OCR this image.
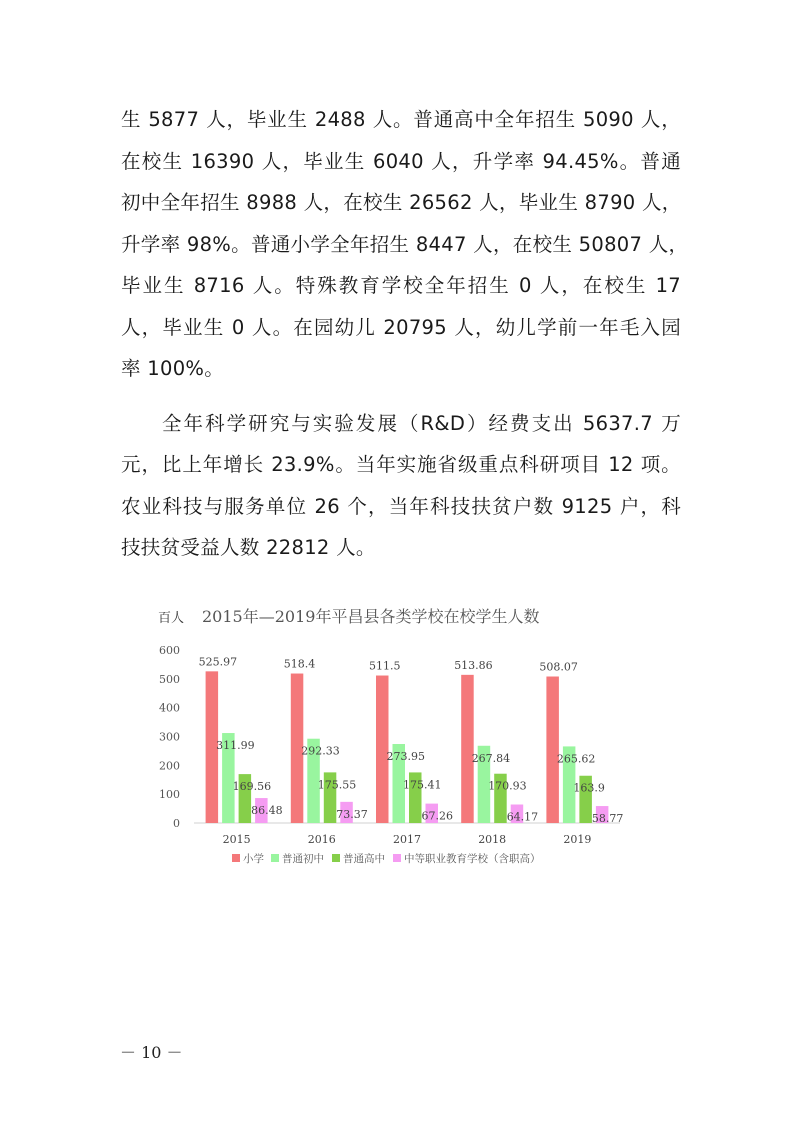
生 5877 人，毕业生 2488 人。普通高中全年招生 5090 人，
在校生 16390 人，毕业生 6040 人，升学率 94.45%。普通
初中全年招生 8988 人，在校生 26562 人，毕业生 8790 人，
升学率 98%。普通小学全年招生 8447 人，在校生 50807 人，
毕业生 8716 人。特殊教育学校全年招生 0 人，在校生 17
人，毕业生 0 人。在园幼儿 20795 人，幼儿学前一年毛入园
率 100%。
全年科学研究与实验发展（R&D）经费支出 5637.7 万
元，比上年增长 23.9%。当年实施省级重点科研项目 12 项。
农业科技与服务单位 26 个，当年科技扶贫户数 9125 户，科
技扶贫受益人数 22812 人。
百人 2015年—2019年平昌县各类学校在校学生人数
0
100
200
300
400
500
600
525.97
311.99
169.56
86.48
518.4
292.33
175.55
73.37
511.5
273.95
175.41
67.26
513.86
267.84
170.93
64.17
508.07
265.62
163.9
58.77
2015	2016	2017	2018	2019
小学 普通初中 普通高中 中等职业教育学校（含职高）
－ 10 －
